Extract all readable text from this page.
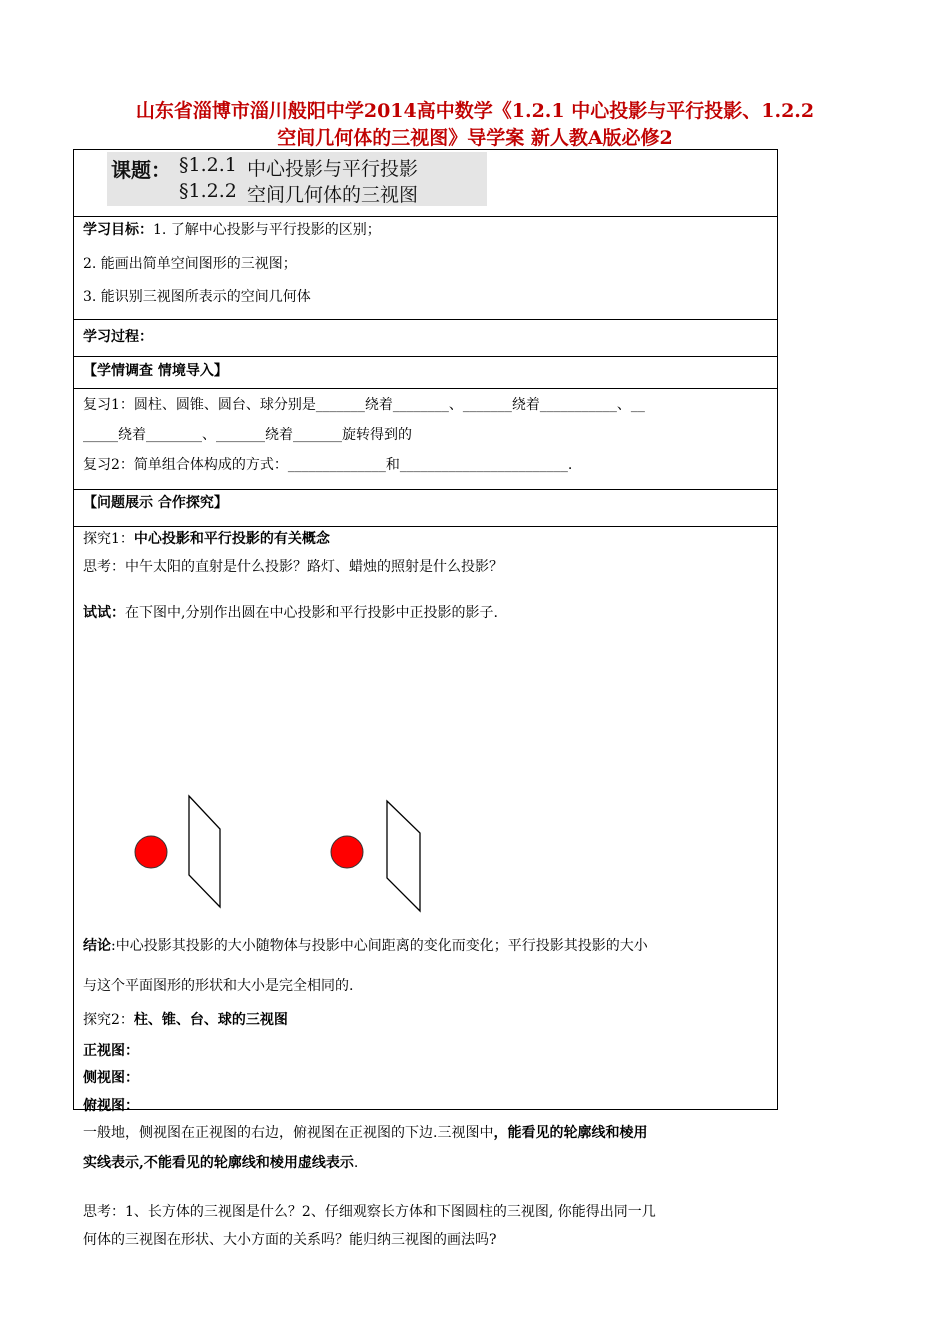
山东省淄博市淄川般阳中学2014高中数学《1.2.1 中心投影与平行投影、1.2.2
空间几何体的三视图》导学案 新人教A版必修2
课题： §1.2.1 中心投影与平行投影
§1.2.2 空间几何体的三视图
学习目标：1. 了解中心投影与平行投影的区别；
2. 能画出简单空间图形的三视图；
3. 能识别三视图所表示的空间几何体
学习过程：
【学情调查 情境导入】
复习1：圆柱、圆锥、圆台、球分别是_______绕着________、_______绕着___________、__
_____绕着________、_______绕着_______旋转得到的
复习2：简单组合体构成的方式：______________和________________________.
【问题展示 合作探究】
探究1：中心投影和平行投影的有关概念
思考：中午太阳的直射是什么投影？路灯、蜡烛的照射是什么投影？
试试：在下图中,分别作出圆在中心投影和平行投影中正投影的影子.
结论:中心投影其投影的大小随物体与投影中心间距离的变化而变化；平行投影其投影的大小
与这个平面图形的形状和大小是完全相同的.
探究2：柱、锥、台、球的三视图
正视图：
侧视图：
俯视图：
一般地，侧视图在正视图的右边，俯视图在正视图的下边.三视图中，能看见的轮廓线和棱用
实线表示,不能看见的轮廓线和棱用虚线表示.
思考：1、长方体的三视图是什么？2、仔细观察长方体和下图圆柱的三视图, 你能得出同一几
何体的三视图在形状、大小方面的关系吗？能归纳三视图的画法吗?
